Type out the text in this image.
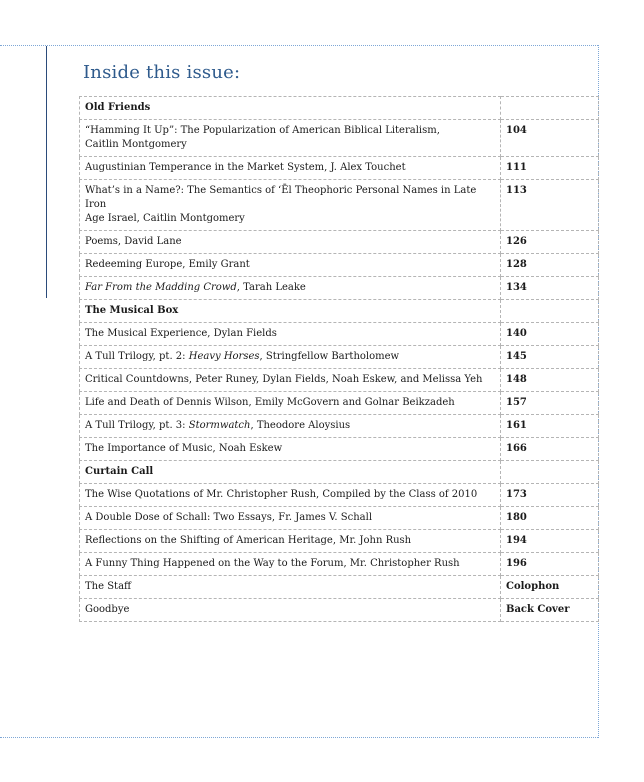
Inside this issue:
Old Friends	
“Hamming It Up”: The Popularization of American Biblical Literalism,
Caitlin Montgomery	104
Augustinian Temperance in the Market System, J. Alex Touchet	111
What’s in a Name?: The Semantics of ‘Ēl Theophoric Personal Names in Late Iron
Age Israel, Caitlin Montgomery	113
Poems, David Lane	126
Redeeming Europe, Emily Grant	128
Far From the Madding Crowd, Tarah Leake	134
The Musical Box	
The Musical Experience, Dylan Fields	140
A Tull Trilogy, pt. 2: Heavy Horses, Stringfellow Bartholomew	145
Critical Countdowns, Peter Runey, Dylan Fields, Noah Eskew, and Melissa Yeh	148
Life and Death of Dennis Wilson, Emily McGovern and Golnar Beikzadeh	157
A Tull Trilogy, pt. 3: Stormwatch, Theodore Aloysius	161
The Importance of Music, Noah Eskew	166
Curtain Call	
The Wise Quotations of Mr. Christopher Rush, Compiled by the Class of 2010	173
A Double Dose of Schall: Two Essays, Fr. James V. Schall	180
Reflections on the Shifting of American Heritage, Mr. John Rush	194
A Funny Thing Happened on the Way to the Forum, Mr. Christopher Rush	196
The Staff	Colophon
Goodbye	Back Cover
